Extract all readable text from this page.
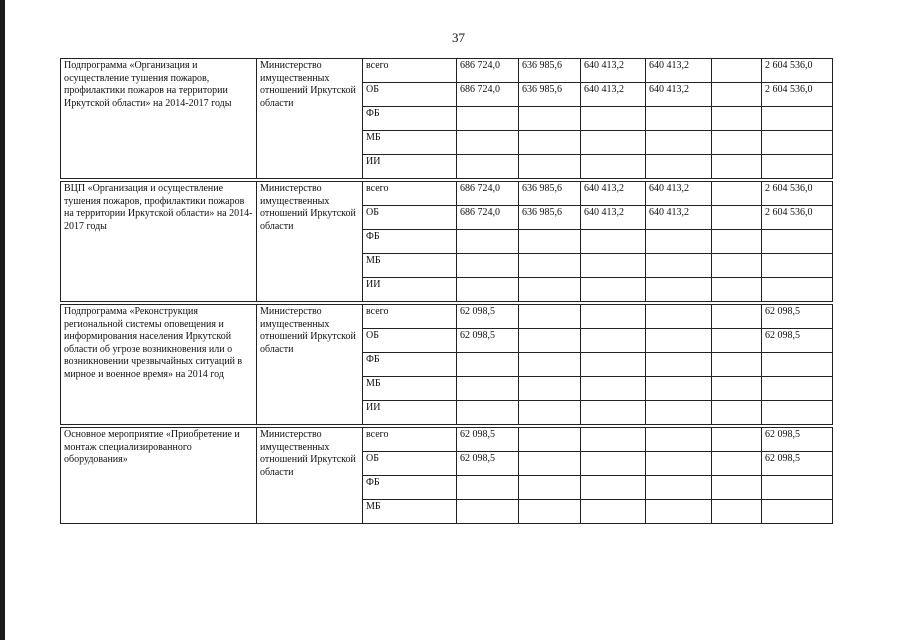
37
Подпрограмма «Организация и осуществление тушения пожаров, профилактики пожаров на территории Иркутской области» на 2014-2017 годы	Министерство имущественных отношений Иркутской области	всего	686 724,0	636 985,6	640 413,2	640 413,2		2 604 536,0
		ОБ	686 724,0	636 985,6	640 413,2	640 413,2		2 604 536,0
		ФБ						
		МБ						
		ИИ						

ВЦП «Организация и осуществление тушения пожаров, профилактики пожаров на территории Иркутской области» на 2014-2017 годы	Министерство имущественных отношений Иркутской области	всего	686 724,0	636 985,6	640 413,2	640 413,2		2 604 536,0
		ОБ	686 724,0	636 985,6	640 413,2	640 413,2		2 604 536,0
		ФБ						
		МБ						
		ИИ						

Подпрограмма «Реконструкция региональной системы оповещения и информирования населения Иркутской области об угрозе возникновения или о возникновении чрезвычайных ситуаций в мирное и военное время» на 2014 год	Министерство имущественных отношений Иркутской области	всего	62 098,5					62 098,5
		ОБ	62 098,5					62 098,5
		ФБ						
		МБ						
		ИИ						

Основное мероприятие «Приобретение и монтаж специализированного оборудования»	Министерство имущественных отношений Иркутской области	всего	62 098,5					62 098,5
		ОБ	62 098,5					62 098,5
		ФБ						
		МБ						
